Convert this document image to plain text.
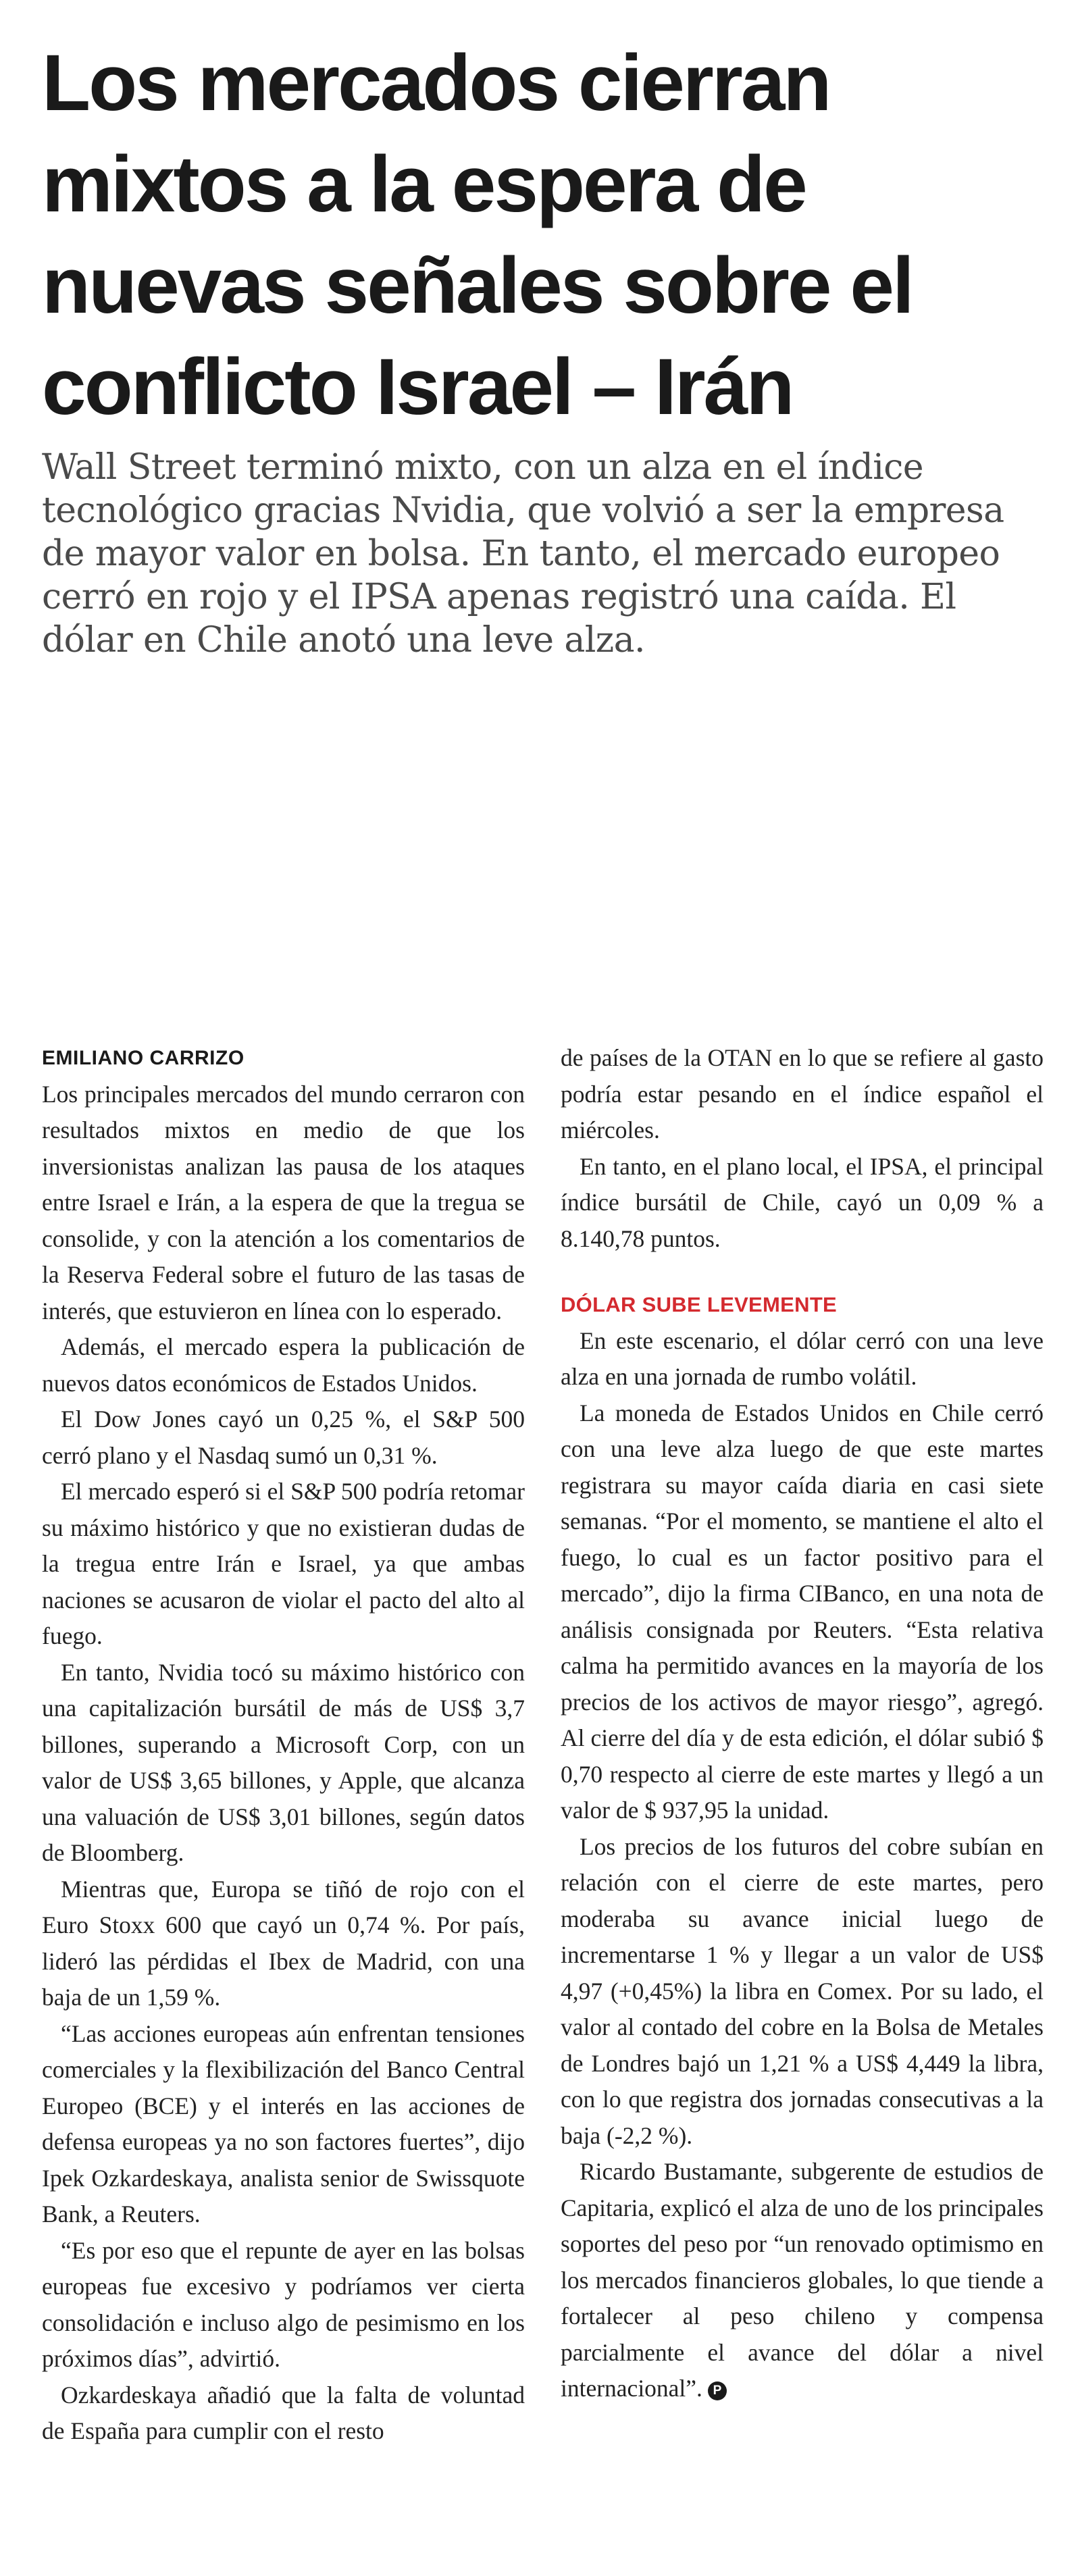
Los mercados cierran
mixtos a la espera de
nuevas señales sobre el
conflicto Israel – Irán

Wall Street terminó mixto, con un alza en el índice
tecnológico gracias Nvidia, que volvió a ser la empresa
de mayor valor en bolsa. En tanto, el mercado europeo
cerró en rojo y el IPSA apenas registró una caída. El
dólar en Chile anotó una leve alza.

EMILIANO CARRIZO

Los principales mercados del mundo cerraron con resultados mixtos en medio de que los inversionistas analizan las pausa de los ataques entre Israel e Irán, a la espera de que la tregua se consolide, y con la atención a los comentarios de la Reserva Federal sobre el futuro de las tasas de interés, que estuvieron en línea con lo esperado.

Además, el mercado espera la publicación de nuevos datos económicos de Estados Unidos.

El Dow Jones cayó un 0,25 %, el S&P 500 cerró plano y el Nasdaq sumó un 0,31 %.

El mercado esperó si el S&P 500 podría retomar su máximo histórico y que no existieran dudas de la tregua entre Irán e Israel, ya que ambas naciones se acusaron de violar el pacto del alto al fuego.

En tanto, Nvidia tocó su máximo histórico con una capitalización bursátil de más de US$ 3,7 billones, superando a Microsoft Corp, con un valor de US$ 3,65 billones, y Apple, que alcanza una valuación de US$ 3,01 billones, según datos de Bloomberg.

Mientras que, Europa se tiñó de rojo con el Euro Stoxx 600 que cayó un 0,74 %. Por país, lideró las pérdidas el Ibex de Madrid, con una baja de un 1,59 %.

“Las acciones europeas aún enfrentan tensiones comerciales y la flexibilización del Banco Central Europeo (BCE) y el interés en las acciones de defensa europeas ya no son factores fuertes”, dijo Ipek Ozkardeskaya, analista senior de Swissquote Bank, a Reuters.

“Es por eso que el repunte de ayer en las bolsas europeas fue excesivo y podríamos ver cierta consolidación e incluso algo de pesimismo en los próximos días”, advirtió.

Ozkardeskaya añadió que la falta de voluntad de España para cumplir con el resto

de países de la OTAN en lo que se refiere al gasto podría estar pesando en el índice español el miércoles.

En tanto, en el plano local, el IPSA, el principal índice bursátil de Chile, cayó un 0,09 % a 8.140,78 puntos.

DÓLAR SUBE LEVEMENTE

En este escenario, el dólar cerró con una leve alza en una jornada de rumbo volátil.

La moneda de Estados Unidos en Chile cerró con una leve alza luego de que este martes registrara su mayor caída diaria en casi siete semanas. “Por el momento, se mantiene el alto el fuego, lo cual es un factor positivo para el mercado”, dijo la firma CIBanco, en una nota de análisis consignada por Reuters. “Esta relativa calma ha permitido avances en la mayoría de los precios de los activos de mayor riesgo”, agregó. Al cierre del día y de esta edición, el dólar subió $ 0,70 respecto al cierre de este martes y llegó a un valor de $ 937,95 la unidad.

Los precios de los futuros del cobre subían en relación con el cierre de este martes, pero moderaba su avance inicial luego de incrementarse 1 % y llegar a un valor de US$ 4,97 (+0,45%) la libra en Comex. Por su lado, el valor al contado del cobre en la Bolsa de Metales de Londres bajó un 1,21 % a US$ 4,449 la libra, con lo que registra dos jornadas consecutivas a la baja (-2,2 %).

Ricardo Bustamante, subgerente de estudios de Capitaria, explicó el alza de uno de los principales soportes del peso por “un renovado optimismo en los mercados financieros globales, lo que tiende a fortalecer al peso chileno y compensa parcialmente el avance del dólar a nivel internacional”. P
